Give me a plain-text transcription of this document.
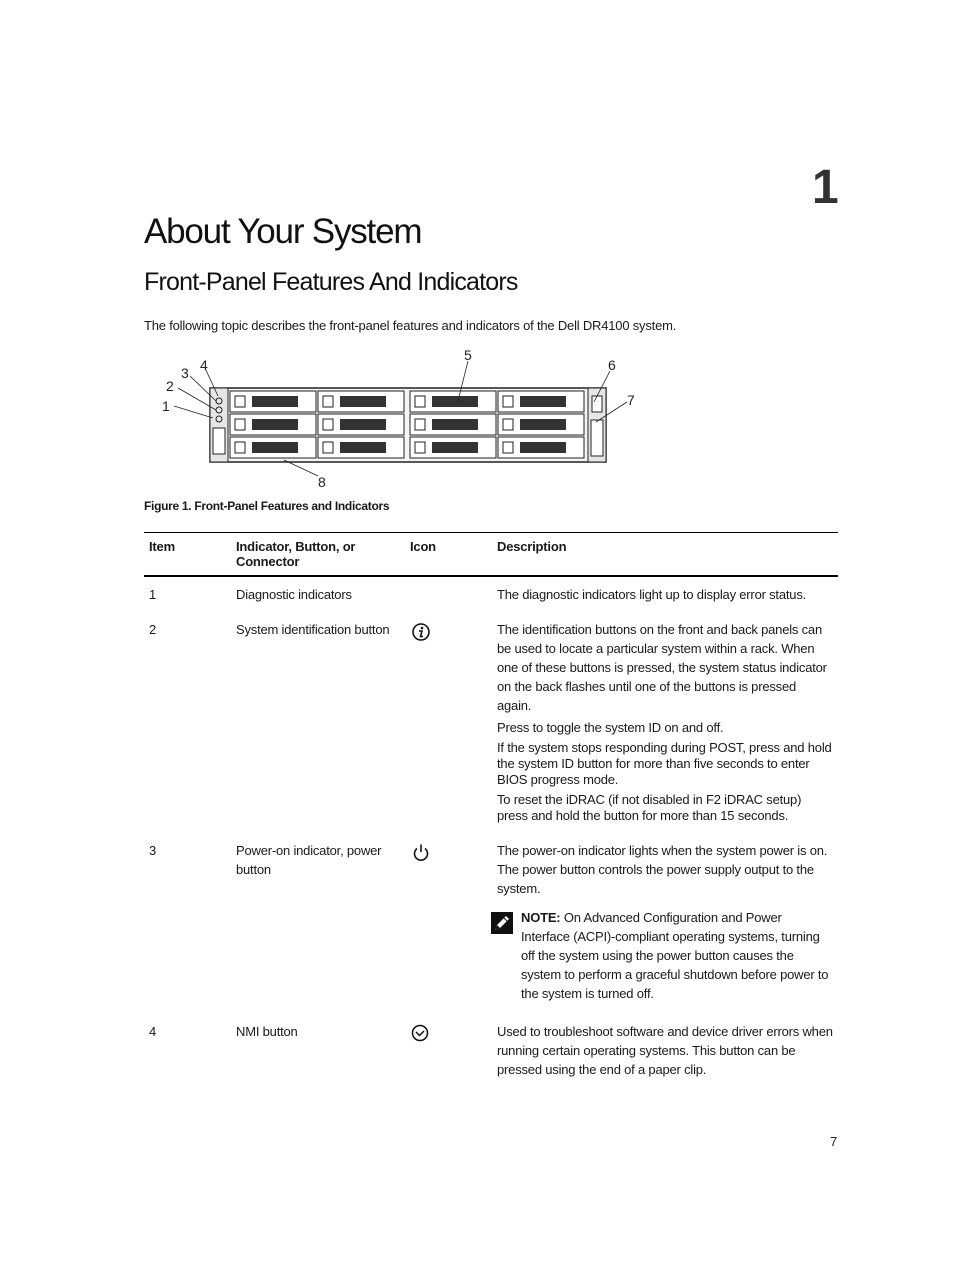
1
About Your System
Front-Panel Features And Indicators
The following topic describes the front-panel features and indicators of the Dell DR4100 system.
1
2
3 4
5
6
7
8
Figure 1. Front-Panel Features and Indicators
Item	Indicator, Button, or Connector	Icon	Description
1	Diagnostic indicators		The diagnostic indicators light up to display error status.

2	System identification button		The identification buttons on the front and back panels can be used to locate a particular system within a rack. When one of these buttons is pressed, the system status indicator on the back flashes until one of the buttons is pressed again.
Press to toggle the system ID on and off.
If the system stops responding during POST, press and hold the system ID button for more than five seconds to enter BIOS progress mode.
To reset the iDRAC (if not disabled in F2 iDRAC setup) press and hold the button for more than 15 seconds.

3	Power-on indicator, power button		The power-on indicator lights when the system power is on. The power button controls the power supply output to the system.
NOTE: On Advanced Configuration and Power Interface (ACPI)-compliant operating systems, turning off the system using the power button causes the system to perform a graceful shutdown before power to the system is turned off.

4	NMI button		Used to troubleshoot software and device driver errors when running certain operating systems. This button can be pressed using the end of a paper clip.
7
